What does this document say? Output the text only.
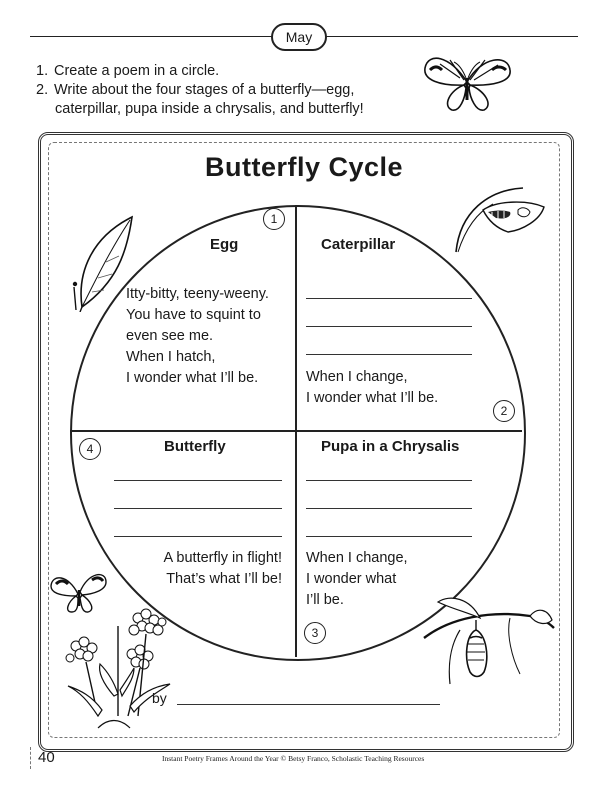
May
1. Create a poem in a circle.
2. Write about the four stages of a butterfly—egg,
caterpillar, pupa inside a chrysalis, and butterfly!
Butterfly Cycle
1
Egg
Itty-bitty, teeny-weeny.
You have to squint to
even see me.
When I hatch,
I wonder what I’ll be.
Caterpillar
When I change,
I wonder what I’ll be.
2
4	Butterfly
A butterfly in flight!
That’s what I’ll be!
Pupa in a Chrysalis
When I change,
I wonder what
I’ll be.
3
by
40	Instant Poetry Frames Around the Year © Betsy Franco, Scholastic Teaching Resources
